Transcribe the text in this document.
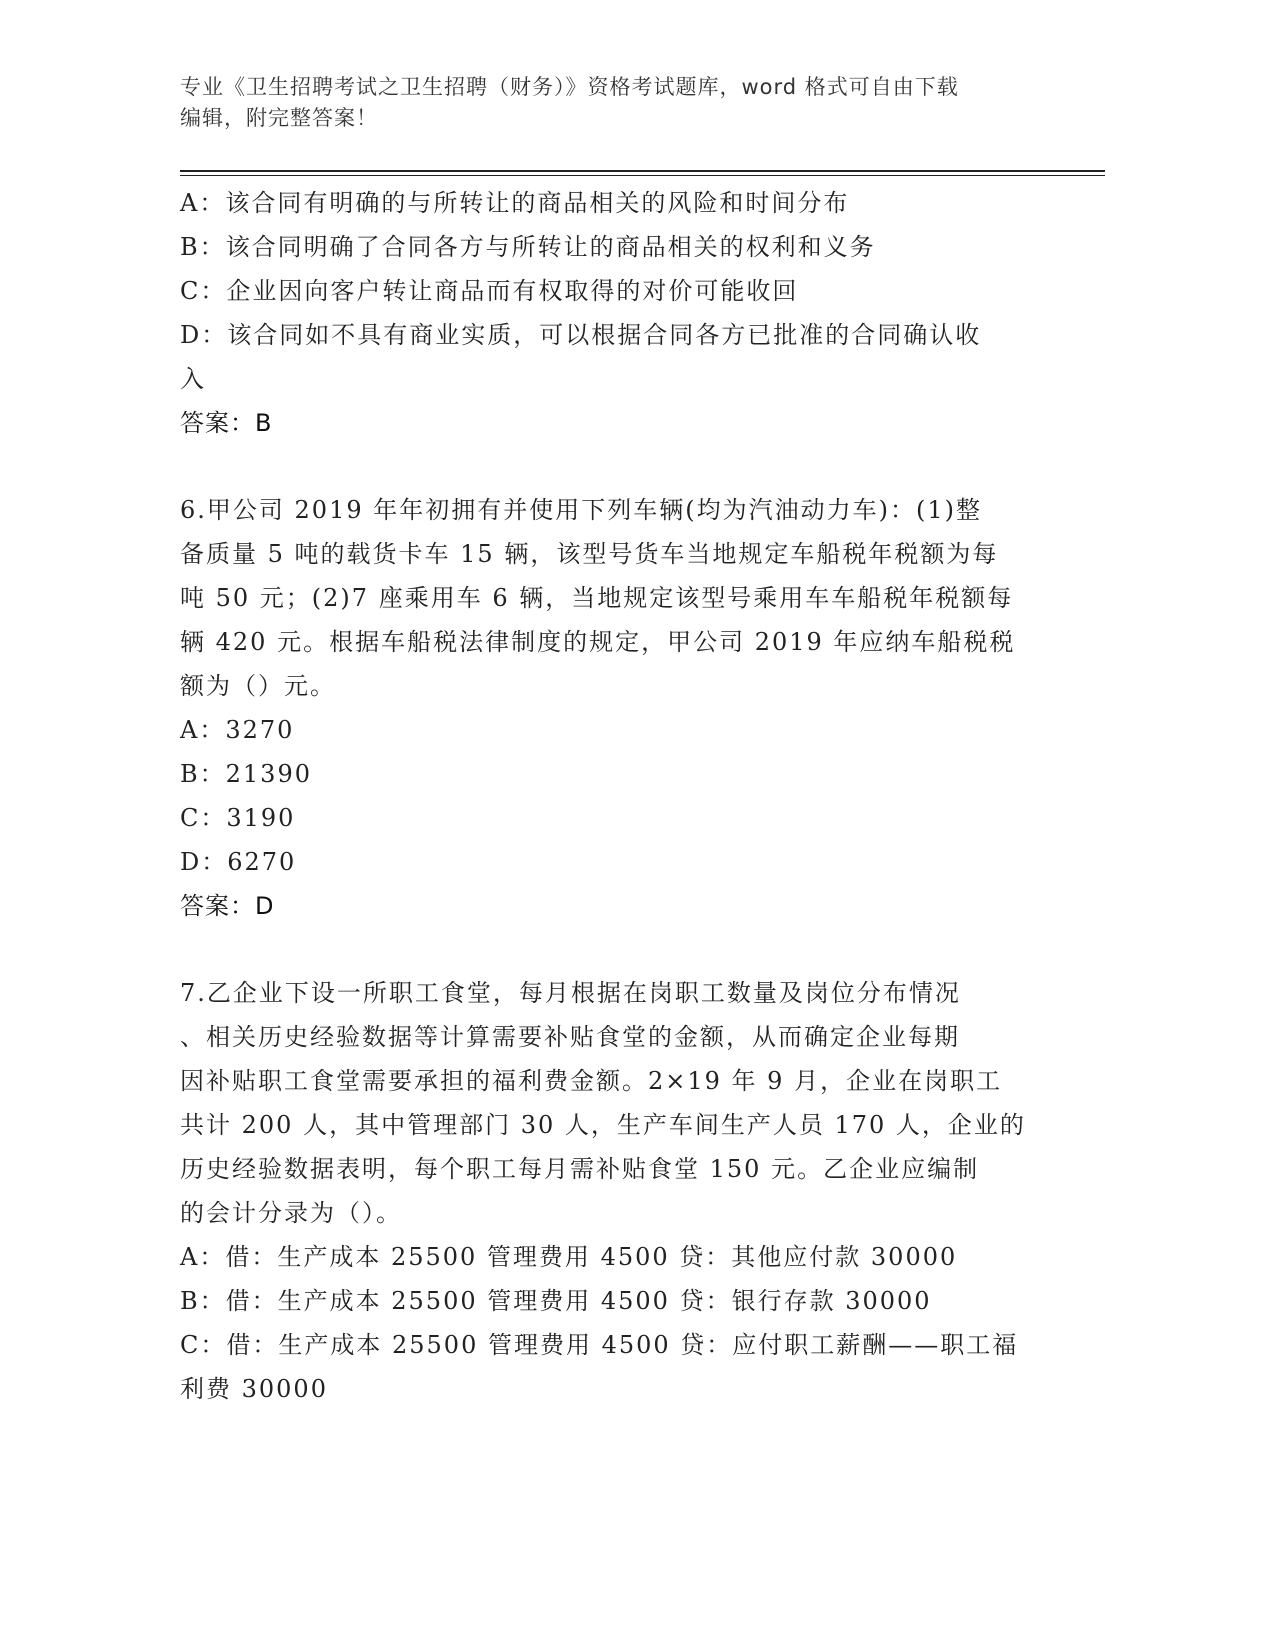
专业《卫生招聘考试之卫生招聘（财务）》资格考试题库，word 格式可自由下载
编辑，附完整答案！
A：该合同有明确的与所转让的商品相关的风险和时间分布
B：该合同明确了合同各方与所转让的商品相关的权利和义务
C：企业因向客户转让商品而有权取得的对价可能收回
D：该合同如不具有商业实质，可以根据合同各方已批准的合同确认收
入
答案：B
6.甲公司 2019 年年初拥有并使用下列车辆(均为汽油动力车)：(1)整
备质量 5 吨的载货卡车 15 辆，该型号货车当地规定车船税年税额为每
吨 50 元；(2)7 座乘用车 6 辆，当地规定该型号乘用车车船税年税额每
辆 420 元。根据车船税法律制度的规定，甲公司 2019 年应纳车船税税
额为（）元。
A：3270
B：21390
C：3190
D：6270
答案：D
7.乙企业下设一所职工食堂，每月根据在岗职工数量及岗位分布情况
、相关历史经验数据等计算需要补贴食堂的金额，从而确定企业每期
因补贴职工食堂需要承担的福利费金额。2×19 年 9 月，企业在岗职工
共计 200 人，其中管理部门 30 人，生产车间生产人员 170 人，企业的
历史经验数据表明，每个职工每月需补贴食堂 150 元。乙企业应编制
的会计分录为（）。
A：借：生产成本 25500 管理费用 4500 贷：其他应付款 30000
B：借：生产成本 25500 管理费用 4500 贷：银行存款 30000
C：借：生产成本 25500 管理费用 4500 贷：应付职工薪酬——职工福
利费 30000
